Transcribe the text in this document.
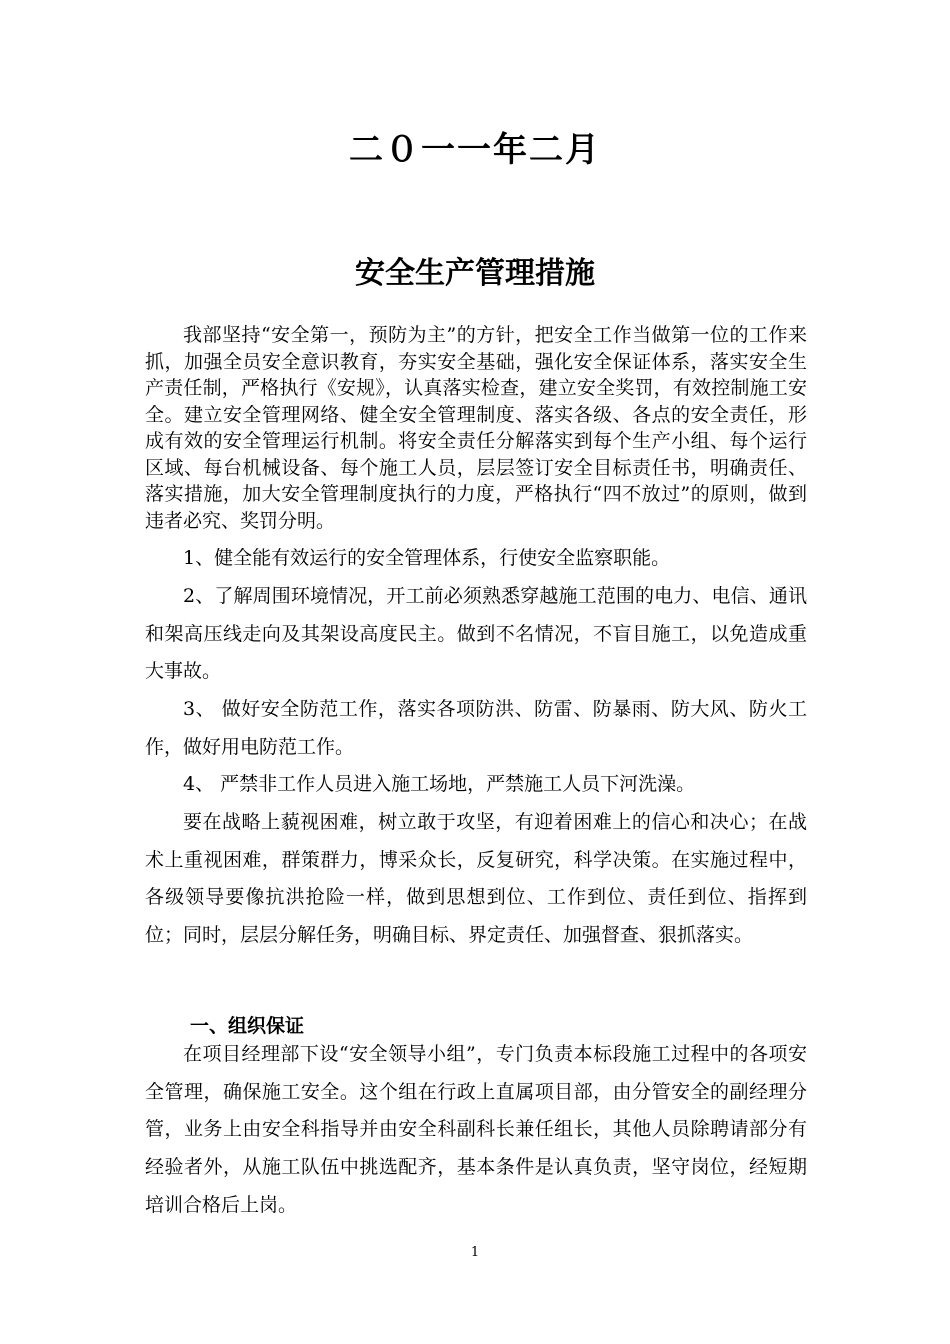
二０一一年二月
安全生产管理措施

我部坚持“安全第一，预防为主”的方针，把安全工作当做第一位的工作来抓，加强全员安全意识教育，夯实安全基础，强化安全保证体系，落实安全生产责任制，严格执行《安规》，认真落实检查，建立安全奖罚，有效控制施工安全。建立安全管理网络、健全安全管理制度、落实各级、各点的安全责任，形成有效的安全管理运行机制。将安全责任分解落实到每个生产小组、每个运行区域、每台机械设备、每个施工人员，层层签订安全目标责任书，明确责任、落实措施，加大安全管理制度执行的力度，严格执行“四不放过”的原则，做到违者必究、奖罚分明。

1、健全能有效运行的安全管理体系，行使安全监察职能。

2、了解周围环境情况，开工前必须熟悉穿越施工范围的电力、电信、通讯和架高压线走向及其架设高度民主。做到不名情况，不盲目施工，以免造成重大事故。

3、 做好安全防范工作，落实各项防洪、防雷、防暴雨、防大风、防火工作，做好用电防范工作。

4、 严禁非工作人员进入施工场地，严禁施工人员下河洗澡。

要在战略上藐视困难，树立敢于攻坚，有迎着困难上的信心和决心；在战术上重视困难，群策群力，博采众长，反复研究，科学决策。在实施过程中，各级领导要像抗洪抢险一样，做到思想到位、工作到位、责任到位、指挥到位；同时，层层分解任务，明确目标、界定责任、加强督查、狠抓落实。

一、组织保证

在项目经理部下设“安全领导小组”，专门负责本标段施工过程中的各项安全管理，确保施工安全。这个组在行政上直属项目部，由分管安全的副经理分管，业务上由安全科指导并由安全科副科长兼任组长，其他人员除聘请部分有经验者外，从施工队伍中挑选配齐，基本条件是认真负责，坚守岗位，经短期培训合格后上岗。

1
